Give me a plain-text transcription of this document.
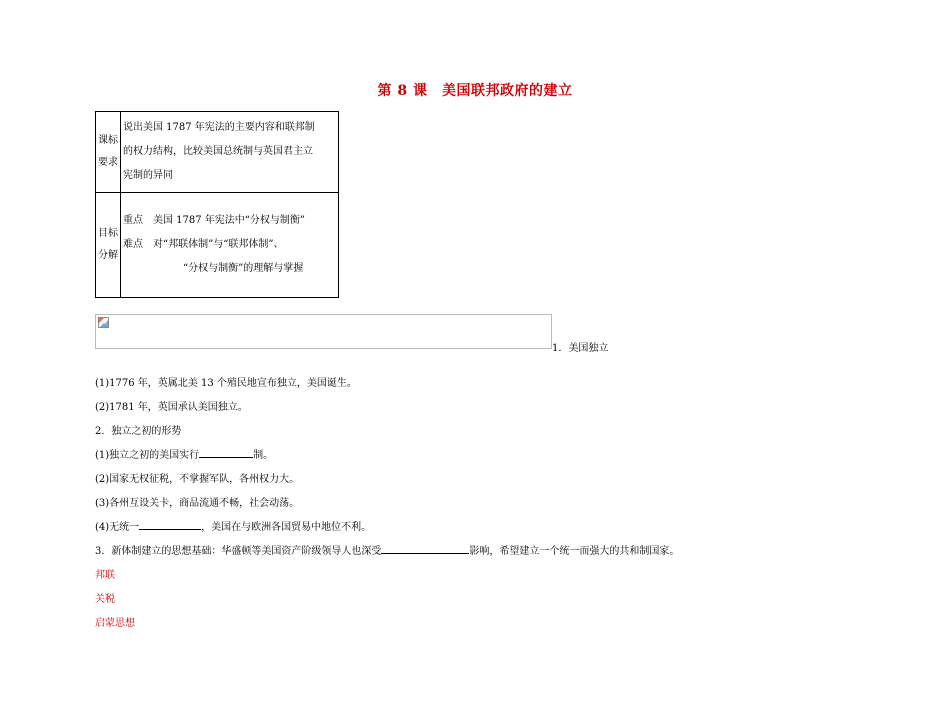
第 8 课　美国联邦政府的建立
课标
要求	说出美国 1787 年宪法的主要内容和联邦制
的权力结构，比较美国总统制与英国君主立
宪制的异同

目标
分解	重点　美国 1787 年宪法中“分权与制衡”
难点　对“邦联体制”与“联邦体制”、
“分权与制衡”的理解与掌握
1．美国独立
(1)1776 年，英属北美 13 个殖民地宣布独立，美国诞生。
(2)1781 年，英国承认美国独立。
2．独立之初的形势
(1)独立之初的美国实行	制。
(2)国家无权征税，不掌握军队，各州权力大。
(3)各州互设关卡，商品流通不畅，社会动荡。
(4)无统一	，美国在与欧洲各国贸易中地位不利。
3．新体制建立的思想基础：华盛顿等美国资产阶级领导人也深受	影响，希望建立一个统一而强大的共和制国家。
邦联
关税
启蒙思想
